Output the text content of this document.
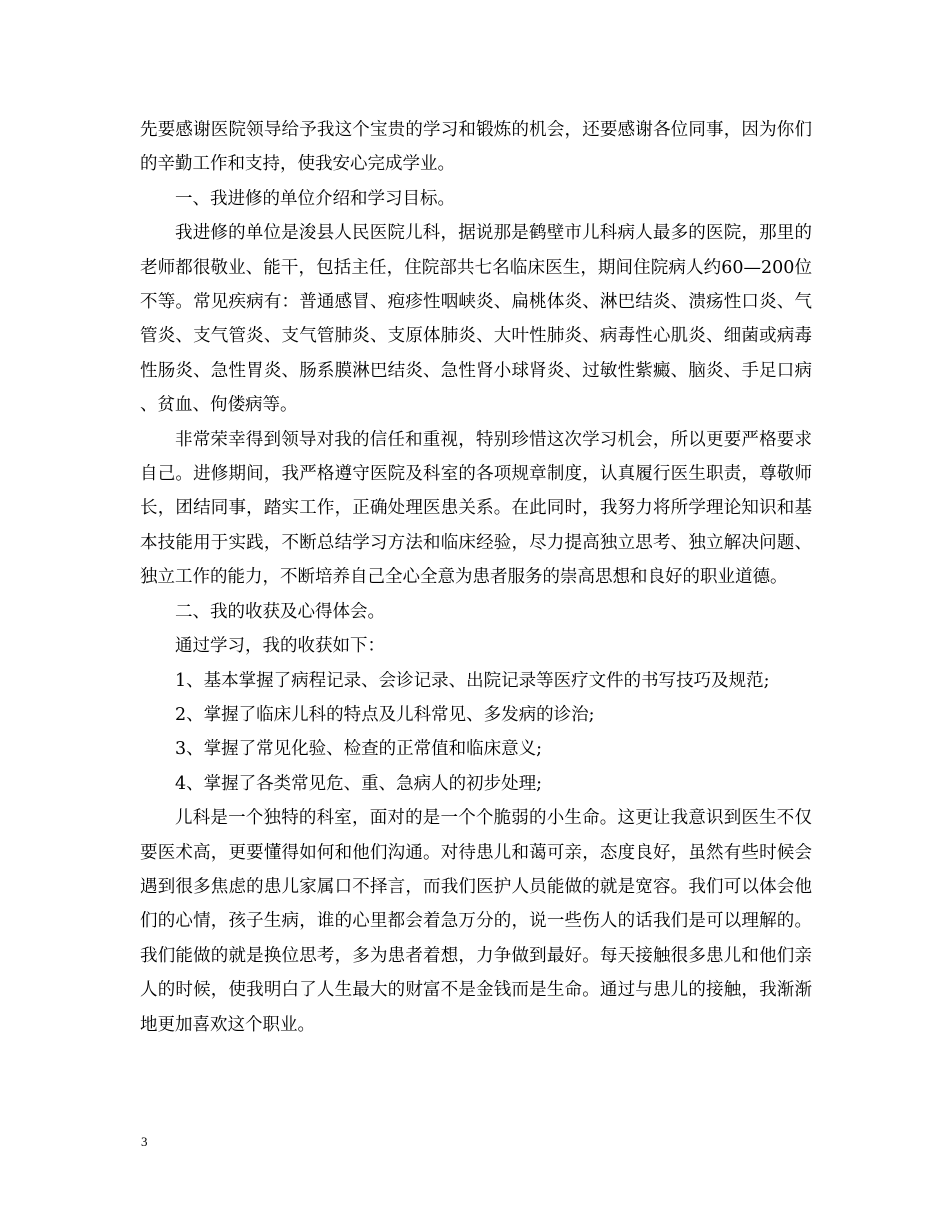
先要感谢医院领导给予我这个宝贵的学习和锻炼的机会，还要感谢各位同事，因为你们的辛勤工作和支持，使我安心完成学业。

一、我进修的单位介绍和学习目标。

我进修的单位是浚县人民医院儿科，据说那是鹤壁市儿科病人最多的医院，那里的老师都很敬业、能干，包括主任，住院部共七名临床医生，期间住院病人约60—200位不等。常见疾病有：普通感冒、疱疹性咽峡炎、扁桃体炎、淋巴结炎、溃疡性口炎、气管炎、支气管炎、支气管肺炎、支原体肺炎、大叶性肺炎、病毒性心肌炎、细菌或病毒性肠炎、急性胃炎、肠系膜淋巴结炎、急性肾小球肾炎、过敏性紫癜、脑炎、手足口病、贫血、佝偻病等。

非常荣幸得到领导对我的信任和重视，特别珍惜这次学习机会，所以更要严格要求自己。进修期间，我严格遵守医院及科室的各项规章制度，认真履行医生职责，尊敬师长，团结同事，踏实工作，正确处理医患关系。在此同时，我努力将所学理论知识和基本技能用于实践，不断总结学习方法和临床经验，尽力提高独立思考、独立解决问题、独立工作的能力，不断培养自己全心全意为患者服务的崇高思想和良好的职业道德。

二、我的收获及心得体会。

通过学习，我的收获如下：

1、基本掌握了病程记录、会诊记录、出院记录等医疗文件的书写技巧及规范;

2、掌握了临床儿科的特点及儿科常见、多发病的诊治;

3、掌握了常见化验、检查的正常值和临床意义;

4、掌握了各类常见危、重、急病人的初步处理;

儿科是一个独特的科室，面对的是一个个脆弱的小生命。这更让我意识到医生不仅要医术高，更要懂得如何和他们沟通。对待患儿和蔼可亲，态度良好，虽然有些时候会遇到很多焦虑的患儿家属口不择言，而我们医护人员能做的就是宽容。我们可以体会他们的心情，孩子生病，谁的心里都会着急万分的，说一些伤人的话我们是可以理解的。我们能做的就是换位思考，多为患者着想，力争做到最好。每天接触很多患儿和他们亲人的时候，使我明白了人生最大的财富不是金钱而是生命。通过与患儿的接触，我渐渐地更加喜欢这个职业。

3
